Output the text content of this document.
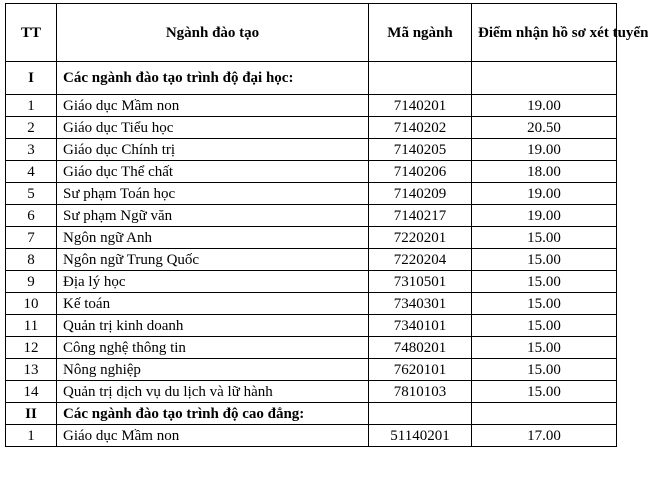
TT	Ngành đào tạo	Mã ngành	Điểm nhận hồ sơ xét tuyển
I	Các ngành đào tạo trình độ đại học:		
1	Giáo dục Mầm non	7140201	19.00
2	Giáo dục Tiểu học	7140202	20.50
3	Giáo dục Chính trị	7140205	19.00
4	Giáo dục Thể chất	7140206	18.00
5	Sư phạm Toán học	7140209	19.00
6	Sư phạm Ngữ văn	7140217	19.00
7	Ngôn ngữ Anh	7220201	15.00
8	Ngôn ngữ Trung Quốc	7220204	15.00
9	Địa lý học	7310501	15.00
10	Kế toán	7340301	15.00
11	Quản trị kinh doanh	7340101	15.00
12	Công nghệ thông tin	7480201	15.00
13	Nông nghiệp	7620101	15.00
14	Quản trị dịch vụ du lịch và lữ hành	7810103	15.00
II	Các ngành đào tạo trình độ cao đẳng:		
1	Giáo dục Mầm non	51140201	17.00
